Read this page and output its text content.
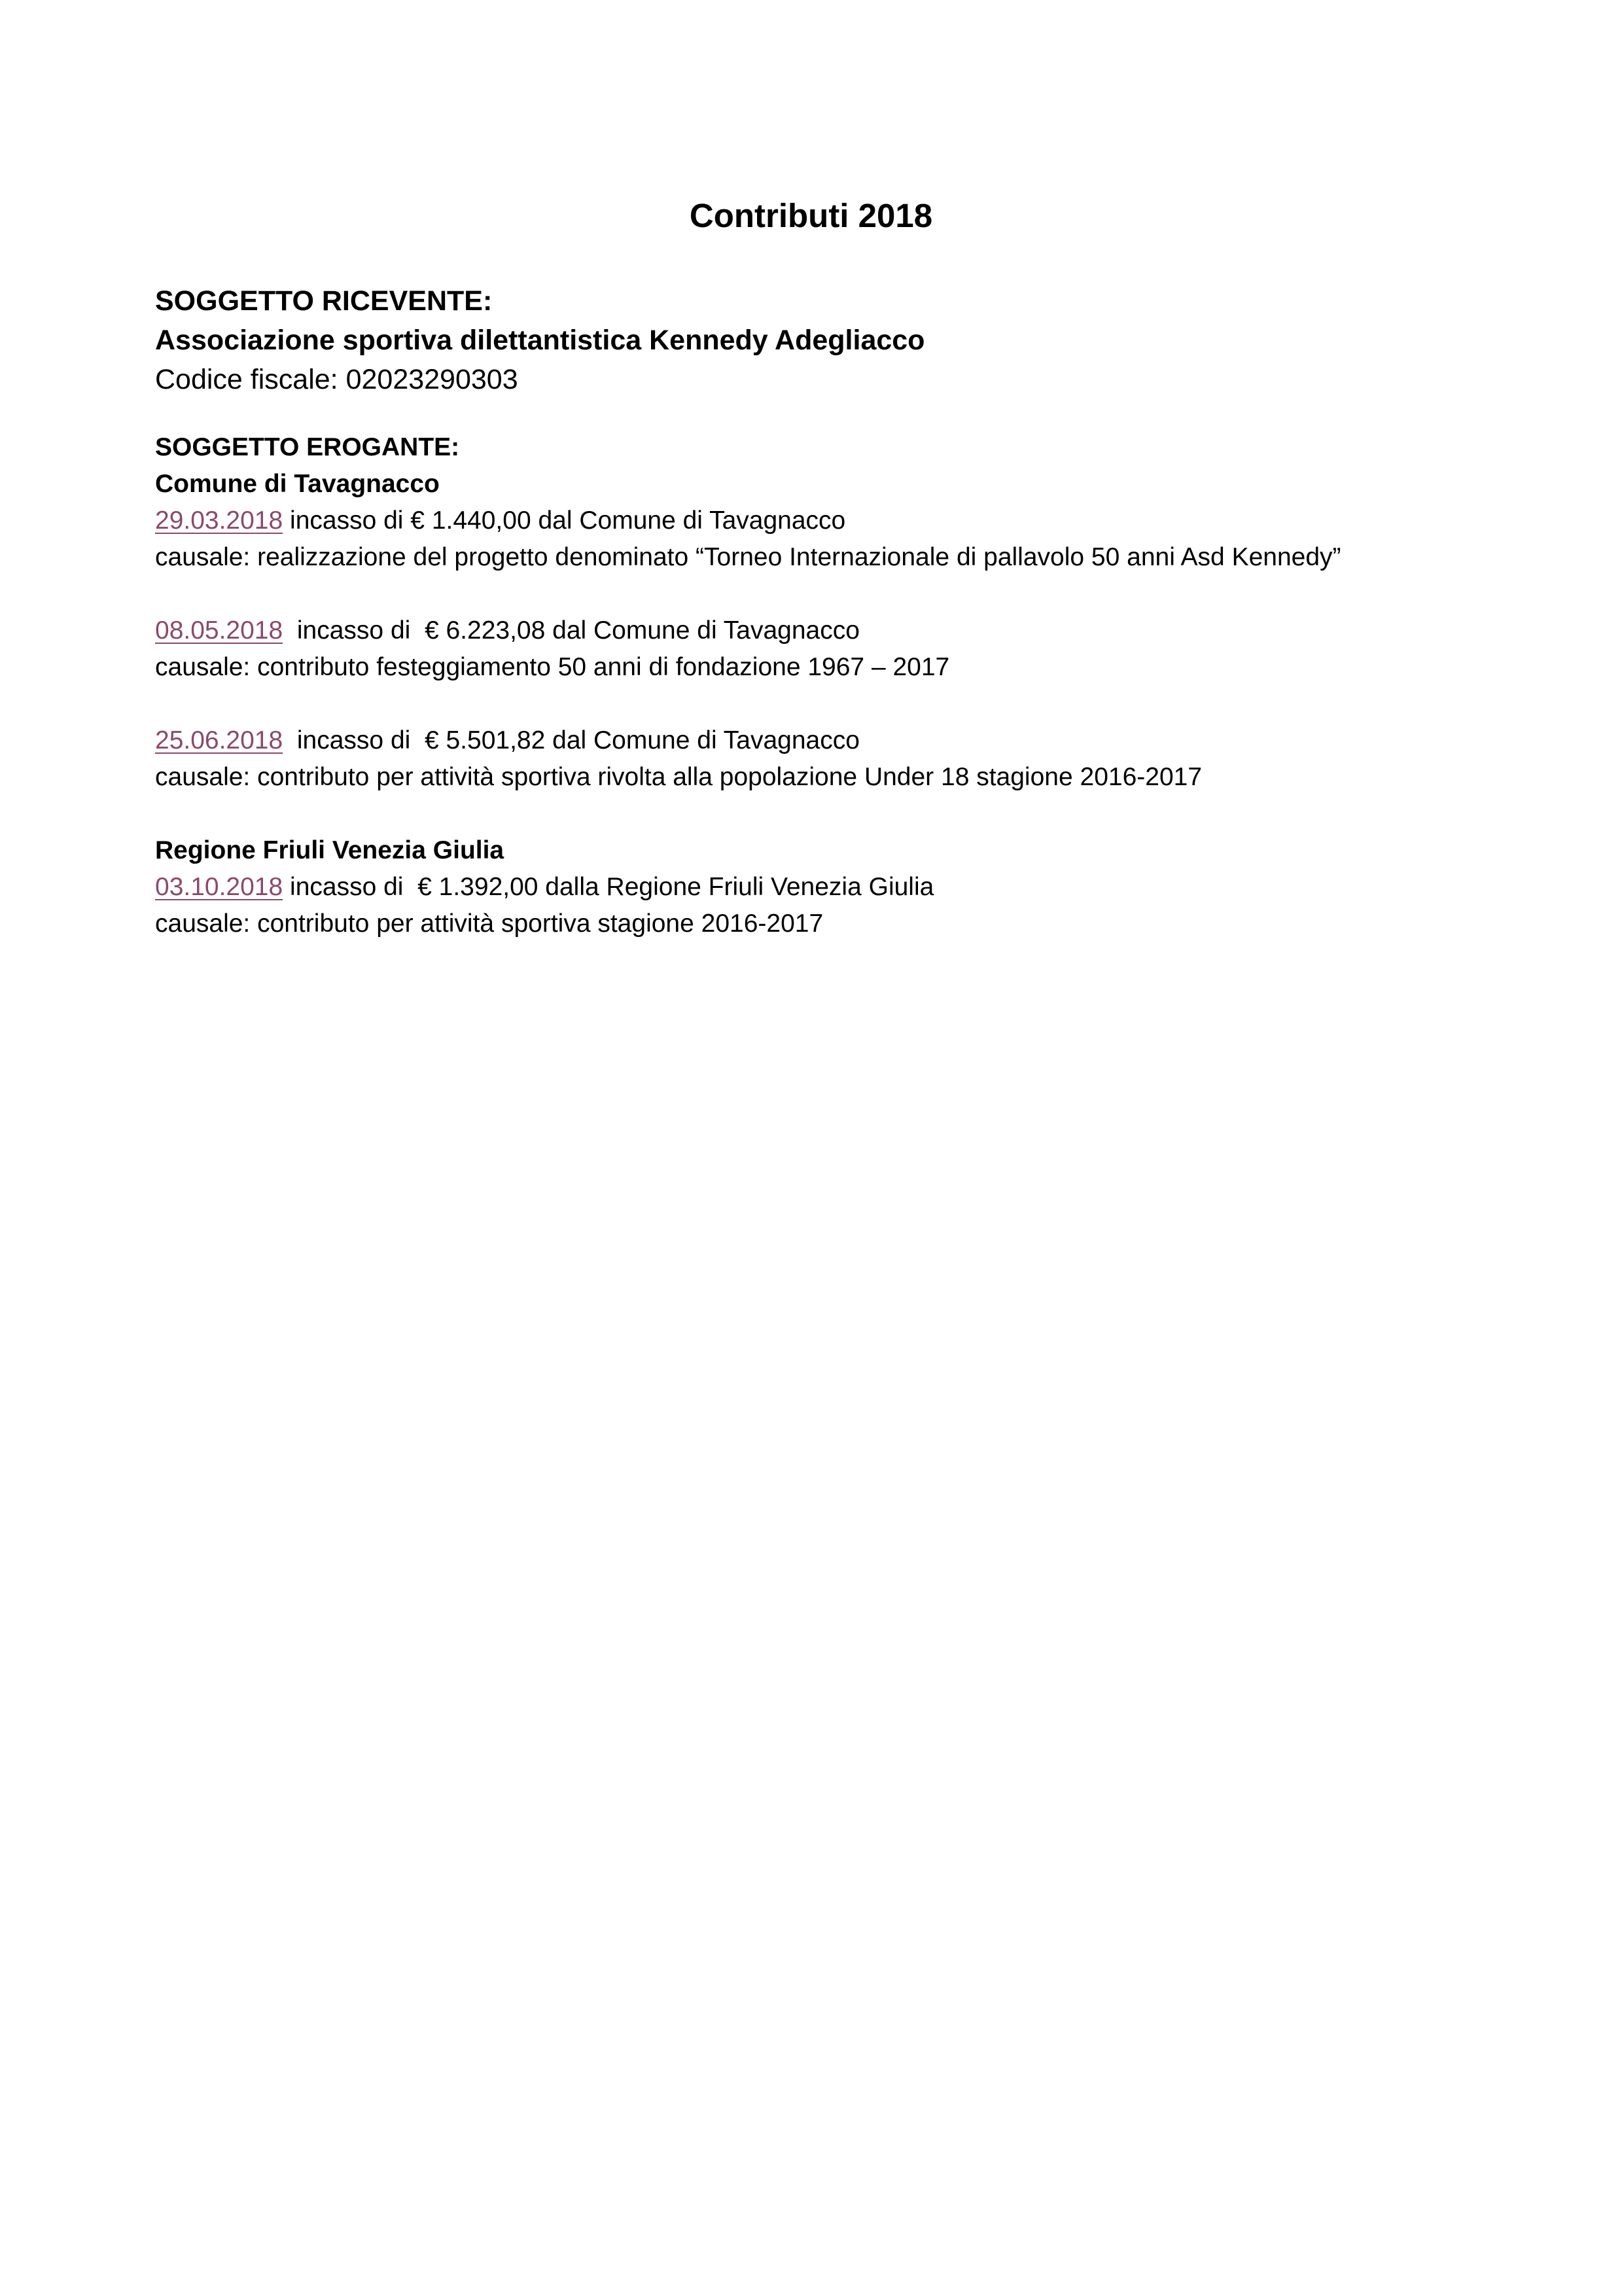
Contributi 2018
SOGGETTO RICEVENTE:
Associazione sportiva dilettantistica Kennedy Adegliacco
Codice fiscale: 02023290303
SOGGETTO EROGANTE:
Comune di Tavagnacco
29.03.2018 incasso di € 1.440,00 dal Comune di Tavagnacco
causale: realizzazione del progetto denominato “Torneo Internazionale di pallavolo 50 anni Asd Kennedy”
08.05.2018  incasso di  € 6.223,08 dal Comune di Tavagnacco
causale: contributo festeggiamento 50 anni di fondazione 1967 – 2017
25.06.2018  incasso di  € 5.501,82 dal Comune di Tavagnacco
causale: contributo per attività sportiva rivolta alla popolazione Under 18 stagione 2016-2017
Regione Friuli Venezia Giulia
03.10.2018 incasso di  € 1.392,00 dalla Regione Friuli Venezia Giulia
causale: contributo per attività sportiva stagione 2016-2017
